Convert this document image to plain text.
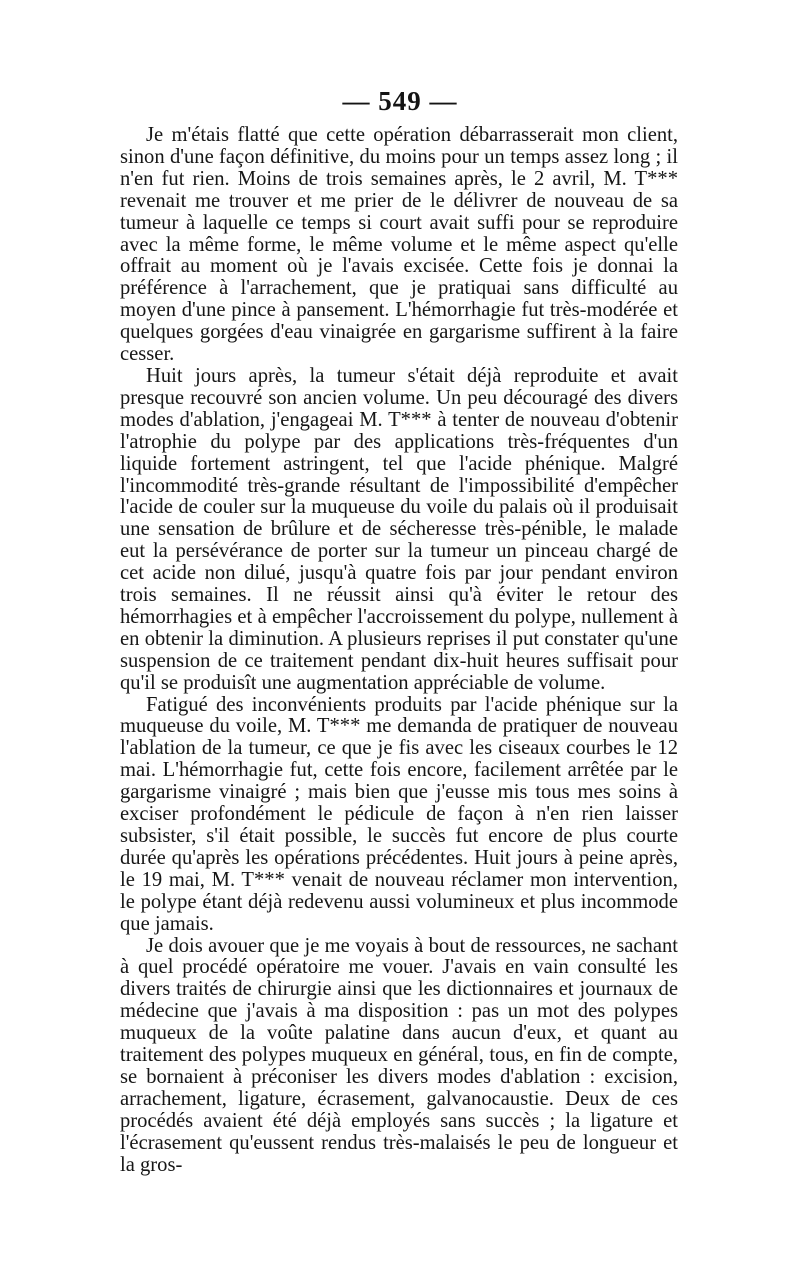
— 549 —

Je m'étais flatté que cette opération débarrasserait mon client, sinon d'une façon définitive, du moins pour un temps assez long ; il n'en fut rien. Moins de trois semaines après, le 2 avril, M. T*** revenait me trouver et me prier de le délivrer de nouveau de sa tumeur à laquelle ce temps si court avait suffi pour se reproduire avec la même forme, le même volume et le même aspect qu'elle offrait au moment où je l'avais excisée. Cette fois je donnai la préférence à l'arrachement, que je pratiquai sans difficulté au moyen d'une pince à pansement. L'hémorrhagie fut très-modérée et quelques gorgées d'eau vinaigrée en gargarisme suffirent à la faire cesser.

Huit jours après, la tumeur s'était déjà reproduite et avait presque recouvré son ancien volume. Un peu découragé des divers modes d'ablation, j'engageai M. T*** à tenter de nouveau d'obtenir l'atrophie du polype par des applications très-fréquentes d'un liquide fortement astringent, tel que l'acide phénique. Malgré l'incommodité très-grande résultant de l'impossibilité d'empêcher l'acide de couler sur la muqueuse du voile du palais où il produisait une sensation de brûlure et de sécheresse très-pénible, le malade eut la persévérance de porter sur la tumeur un pinceau chargé de cet acide non dilué, jusqu'à quatre fois par jour pendant environ trois semaines. Il ne réussit ainsi qu'à éviter le retour des hémorrhagies et à empêcher l'accroissement du polype, nullement à en obtenir la diminution. A plusieurs reprises il put constater qu'une suspension de ce traitement pendant dix-huit heures suffisait pour qu'il se produisît une augmentation appréciable de volume.

Fatigué des inconvénients produits par l'acide phénique sur la muqueuse du voile, M. T*** me demanda de pratiquer de nouveau l'ablation de la tumeur, ce que je fis avec les ciseaux courbes le 12 mai. L'hémorrhagie fut, cette fois encore, facilement arrêtée par le gargarisme vinaigré ; mais bien que j'eusse mis tous mes soins à exciser profondément le pédicule de façon à n'en rien laisser subsister, s'il était possible, le succès fut encore de plus courte durée qu'après les opérations précédentes. Huit jours à peine après, le 19 mai, M. T*** venait de nouveau réclamer mon intervention, le polype étant déjà redevenu aussi volumineux et plus incommode que jamais.

Je dois avouer que je me voyais à bout de ressources, ne sachant à quel procédé opératoire me vouer. J'avais en vain consulté les divers traités de chirurgie ainsi que les dictionnaires et journaux de médecine que j'avais à ma disposition : pas un mot des polypes muqueux de la voûte palatine dans aucun d'eux, et quant au traitement des polypes muqueux en général, tous, en fin de compte, se bornaient à préconiser les divers modes d'ablation : excision, arrachement, ligature, écrasement, galvanocaustie. Deux de ces procédés avaient été déjà employés sans succès ; la ligature et l'écrasement qu'eussent rendus très-malaisés le peu de longueur et la gros-
